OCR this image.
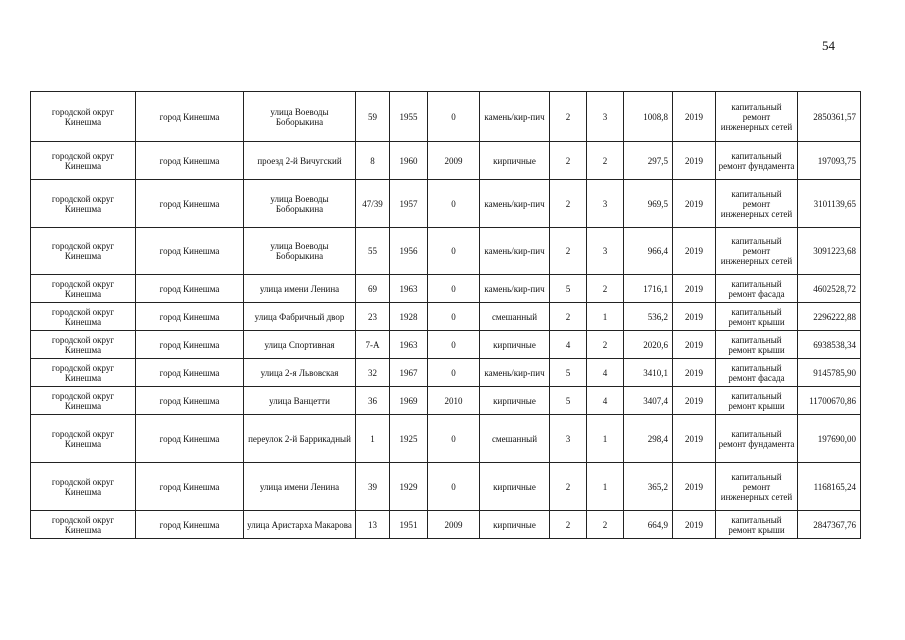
54
городской округ Кинешма	город Кинешма	улица Воеводы Боборыкина	59	1955	0	камень/кир-пич	2	3	1008,8	2019	капитальный ремонт инженерных сетей	2850361,57
городской округ Кинешма	город Кинешма	проезд 2-й Вичугский	8	1960	2009	кирпичные	2	2	297,5	2019	капитальный ремонт фундамента	197093,75
городской округ Кинешма	город Кинешма	улица Воеводы Боборыкина	47/39	1957	0	камень/кир-пич	2	3	969,5	2019	капитальный ремонт инженерных сетей	3101139,65
городской округ Кинешма	город Кинешма	улица Воеводы Боборыкина	55	1956	0	камень/кир-пич	2	3	966,4	2019	капитальный ремонт инженерных сетей	3091223,68
городской округ Кинешма	город Кинешма	улица имени Ленина	69	1963	0	камень/кир-пич	5	2	1716,1	2019	капитальный ремонт фасада	4602528,72
городской округ Кинешма	город Кинешма	улица Фабричный двор	23	1928	0	смешанный	2	1	536,2	2019	капитальный ремонт крыши	2296222,88
городской округ Кинешма	город Кинешма	улица Спортивная	7-А	1963	0	кирпичные	4	2	2020,6	2019	капитальный ремонт крыши	6938538,34
городской округ Кинешма	город Кинешма	улица 2-я Львовская	32	1967	0	камень/кир-пич	5	4	3410,1	2019	капитальный ремонт фасада	9145785,90
городской округ Кинешма	город Кинешма	улица Ванцетти	36	1969	2010	кирпичные	5	4	3407,4	2019	капитальный ремонт крыши	11700670,86
городской округ Кинешма	город Кинешма	переулок 2-й Баррикадный	1	1925	0	смешанный	3	1	298,4	2019	капитальный ремонт фундамента	197690,00
городской округ Кинешма	город Кинешма	улица имени Ленина	39	1929	0	кирпичные	2	1	365,2	2019	капитальный ремонт инженерных сетей	1168165,24
городской округ Кинешма	город Кинешма	улица Аристарха Макарова	13	1951	2009	кирпичные	2	2	664,9	2019	капитальный ремонт крыши	2847367,76
